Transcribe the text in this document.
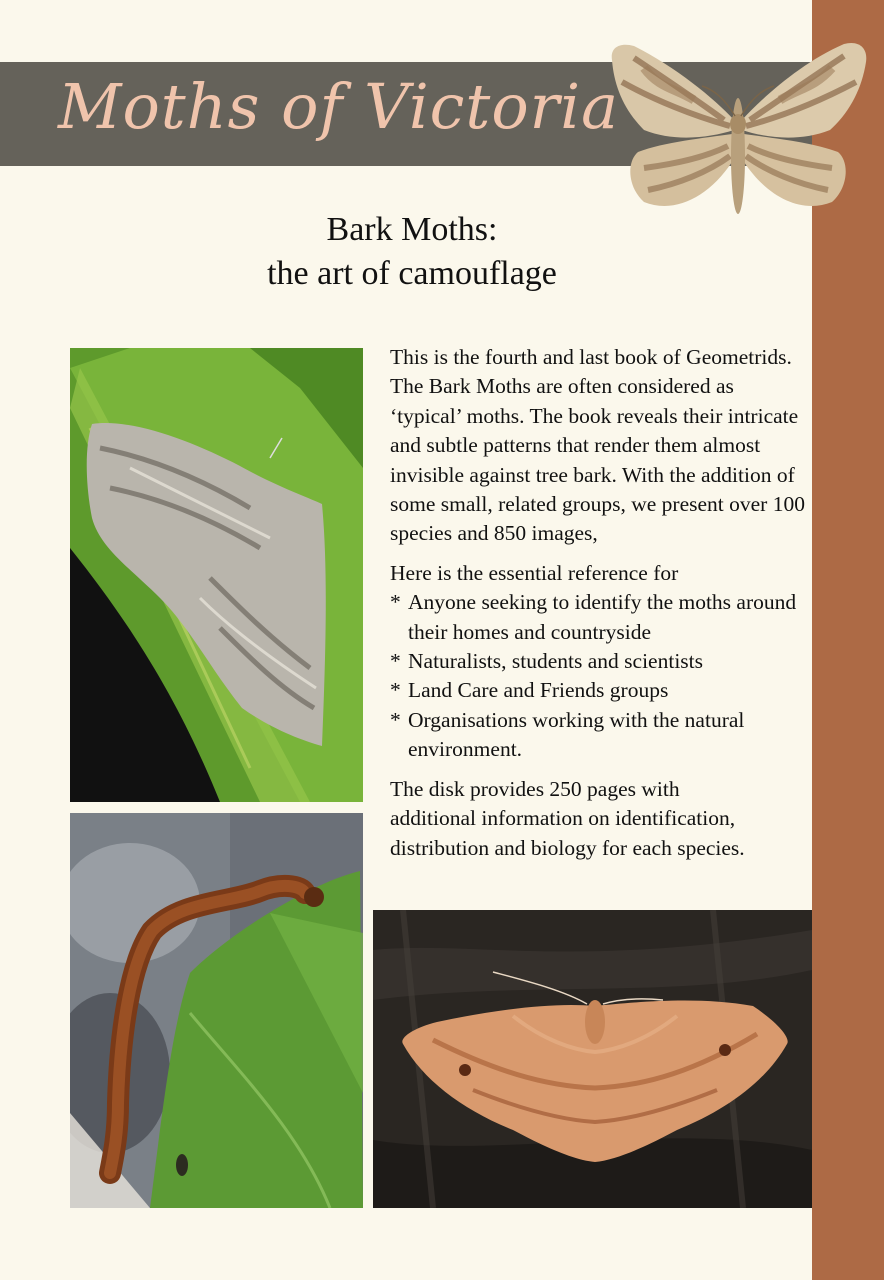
Moths of Victoria
Bark Moths:
the art of camouflage

This is the fourth and last book of Geometrids. The Bark Moths are often considered as ‘typical’ moths. The book reveals their intricate and subtle patterns that render them almost invisible against tree bark. With the addition of some small, related groups, we present over 100 species and 850 images,

Here is the essential reference for

* Anyone seeking to identify the moths around their homes and countryside
* Naturalists, students and scientists
* Land Care and Friends groups
* Organisations working with the natural environment.
The disk provides 250 pages with
additional information on identification,
distribution and biology for each species.
